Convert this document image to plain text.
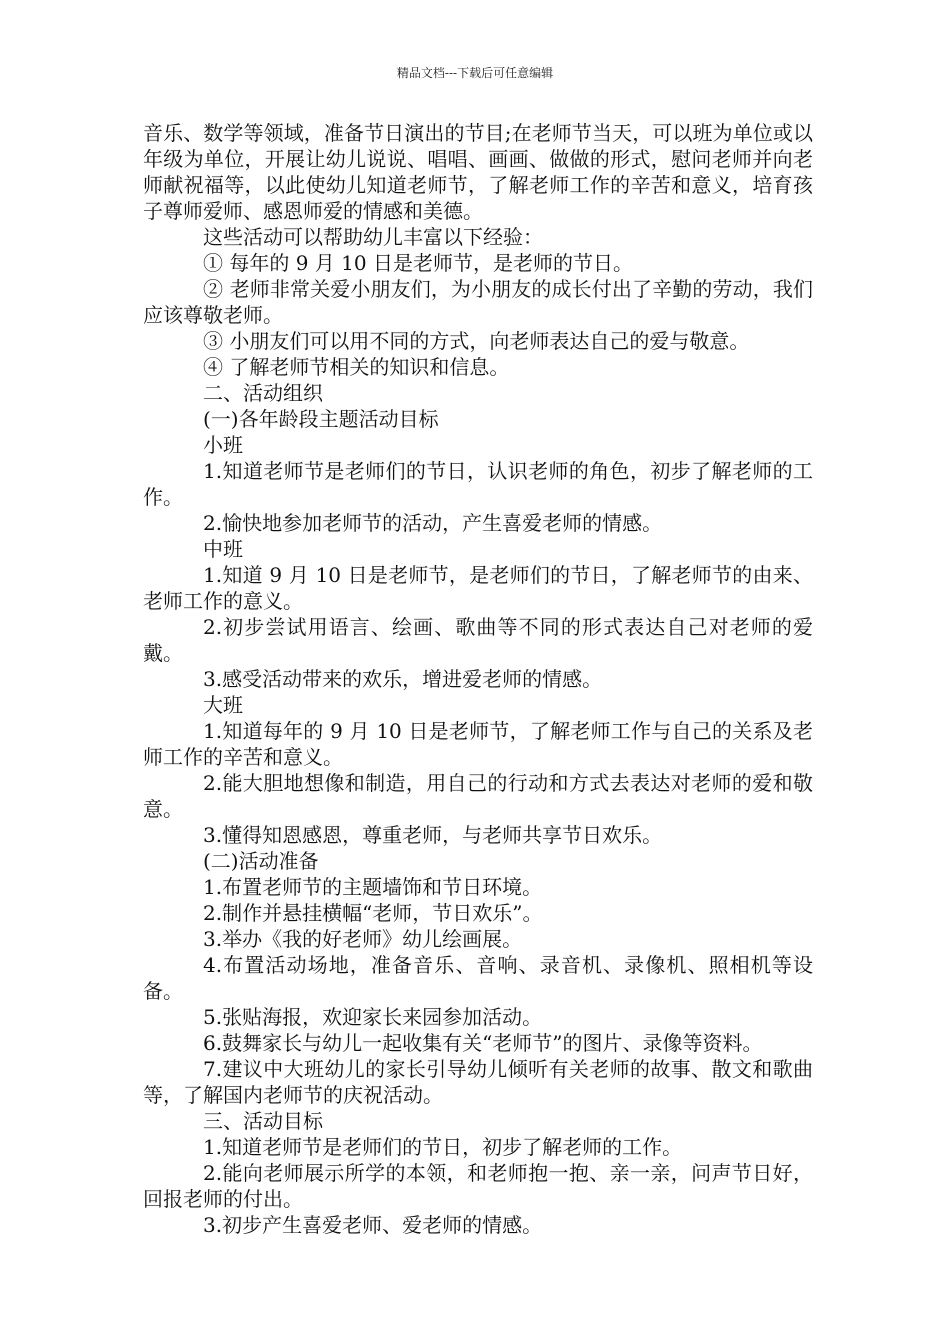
精品文档---下载后可任意编辑

音乐、数学等领域，准备节日演出的节目;在老师节当天，可以班为单位或以年级为单位，开展让幼儿说说、唱唱、画画、做做的形式，慰问老师并向老师献祝福等，以此使幼儿知道老师节，了解老师工作的辛苦和意义，培育孩子尊师爱师、感恩师爱的情感和美德。

这些活动可以帮助幼儿丰富以下经验：

① 每年的 9 月 10 日是老师节，是老师的节日。

② 老师非常关爱小朋友们，为小朋友的成长付出了辛勤的劳动，我们应该尊敬老师。

③ 小朋友们可以用不同的方式，向老师表达自己的爱与敬意。

④ 了解老师节相关的知识和信息。

二、活动组织

(一)各年龄段主题活动目标

小班

1.知道老师节是老师们的节日，认识老师的角色，初步了解老师的工作。

2.愉快地参加老师节的活动，产生喜爱老师的情感。

中班

1.知道 9 月 10 日是老师节，是老师们的节日，了解老师节的由来、老师工作的意义。

2.初步尝试用语言、绘画、歌曲等不同的形式表达自己对老师的爱戴。

3.感受活动带来的欢乐，增进爱老师的情感。

大班

1.知道每年的 9 月 10 日是老师节，了解老师工作与自己的关系及老师工作的辛苦和意义。

2.能大胆地想像和制造，用自己的行动和方式去表达对老师的爱和敬意。

3.懂得知恩感恩，尊重老师，与老师共享节日欢乐。

(二)活动准备

1.布置老师节的主题墙饰和节日环境。

2.制作并悬挂横幅“老师，节日欢乐”。

3.举办《我的好老师》幼儿绘画展。

4.布置活动场地，准备音乐、音响、录音机、录像机、照相机等设备。

5.张贴海报，欢迎家长来园参加活动。

6.鼓舞家长与幼儿一起收集有关“老师节”的图片、录像等资料。

7.建议中大班幼儿的家长引导幼儿倾听有关老师的故事、散文和歌曲等，了解国内老师节的庆祝活动。

三、活动目标

1.知道老师节是老师们的节日，初步了解老师的工作。

2.能向老师展示所学的本领，和老师抱一抱、亲一亲，问声节日好，回报老师的付出。

3.初步产生喜爱老师、爱老师的情感。
